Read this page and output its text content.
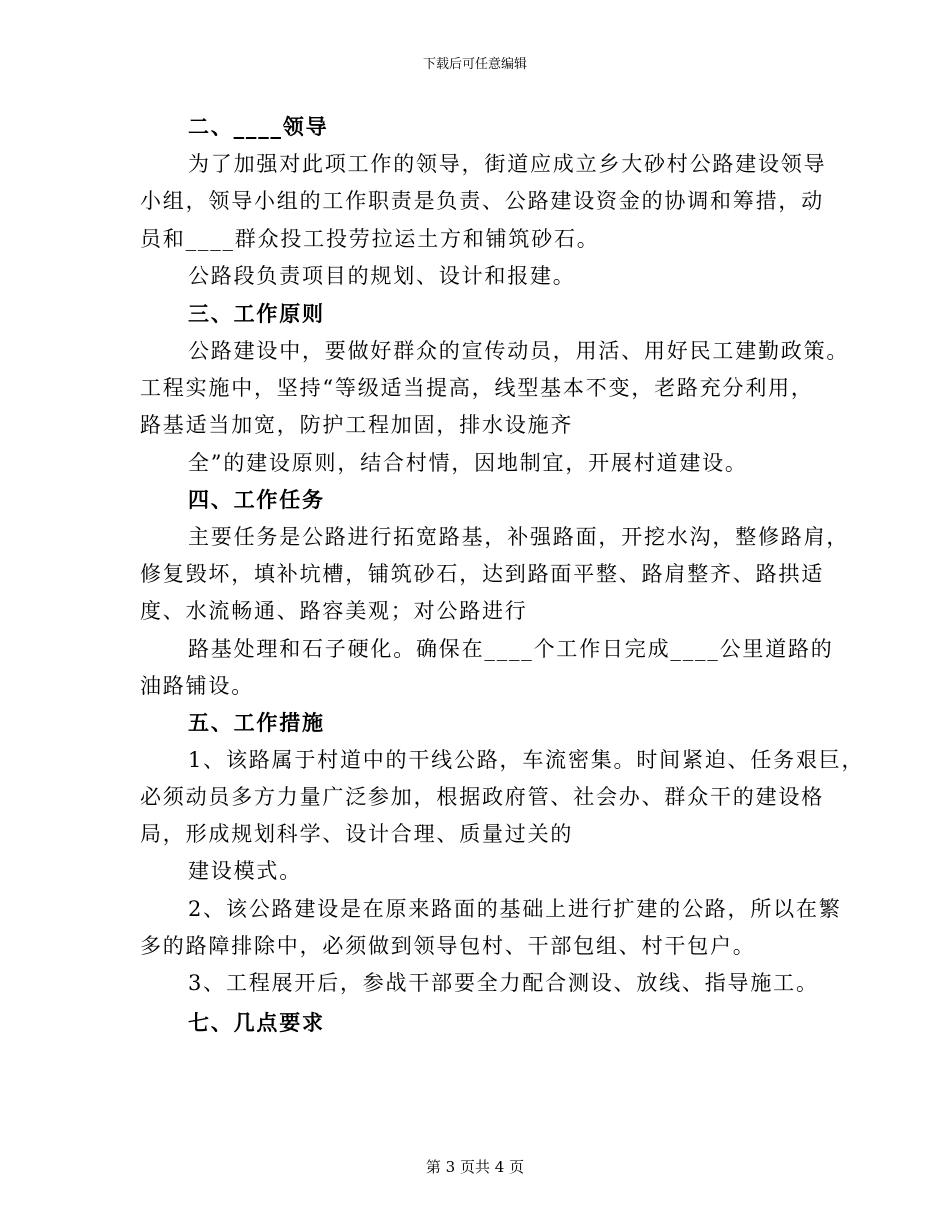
下载后可任意编辑
二、____领导
为了加强对此项工作的领导，街道应成立乡大砂村公路建设领导
小组，领导小组的工作职责是负责、公路建设资金的协调和筹措，动
员和____群众投工投劳拉运土方和铺筑砂石。
公路段负责项目的规划、设计和报建。
三、工作原则
公路建设中，要做好群众的宣传动员，用活、用好民工建勤政策。
工程实施中，坚持“等级适当提高，线型基本不变，老路充分利用，
路基适当加宽，防护工程加固，排水设施齐
全”的建设原则，结合村情，因地制宜，开展村道建设。
四、工作任务
主要任务是公路进行拓宽路基，补强路面，开挖水沟，整修路肩，
修复毁坏，填补坑槽，铺筑砂石，达到路面平整、路肩整齐、路拱适
度、水流畅通、路容美观；对公路进行
路基处理和石子硬化。确保在____个工作日完成____公里道路的
油路铺设。
五、工作措施
1、该路属于村道中的干线公路，车流密集。时间紧迫、任务艰巨，
必须动员多方力量广泛参加，根据政府管、社会办、群众干的建设格
局，形成规划科学、设计合理、质量过关的
建设模式。
2、该公路建设是在原来路面的基础上进行扩建的公路，所以在繁
多的路障排除中，必须做到领导包村、干部包组、村干包户。
3、工程展开后，参战干部要全力配合测设、放线、指导施工。
七、几点要求
第 3 页共 4 页
